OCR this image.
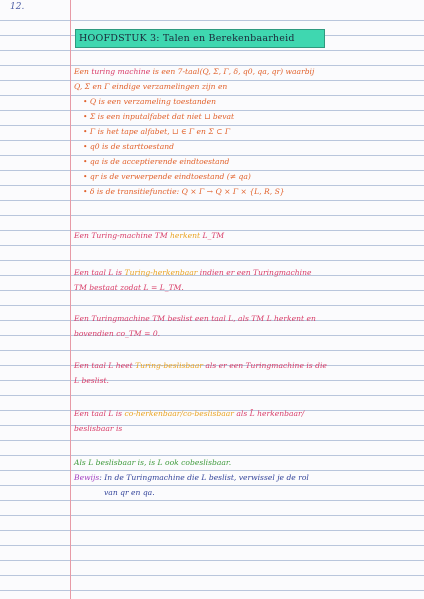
12.
HOOFDSTUK 3: Talen en Berekenbaarheid
Een turing machine is een 7-taal(Q, Σ, Γ, δ, q0, qa, qr) waarbij
Q, Σ en Γ eindige verzamelingen zijn en
• Q is een verzameling toestanden
• Σ is een inputalfabet dat niet ⊔ bevat
• Γ is het tape alfabet, ⊔ ∈ Γ en Σ ⊂ Γ
• q0 is de starttoestand
• qa is de acceptierende eindtoestand
• qr is de verwerpende eindtoestand (≠ qa)
• δ is de transitiefunctie: Q × Γ → Q × Γ × {L, R, S}
Een Turing-machine TM herkent L_TM
Een taal L is Turing-herkenbaar indien er een Turingmachine
TM bestaat zodat L = L_TM.
Een Turingmachine TM beslist een taal L, als TM L herkent en
bovendien co_TM = 0.
Een taal L heet Turing-beslisbaar als er een Turingmachine is die
L beslist.
Een taal L is co-herkenbaar/co-beslisbaar als L̄ herkenbaar/
beslisbaar is
Als L beslisbaar is, is L ook cobeslisbaar.
Bewijs: In de Turingmachine die L beslist, verwissel je de rol
van qr en qa.
